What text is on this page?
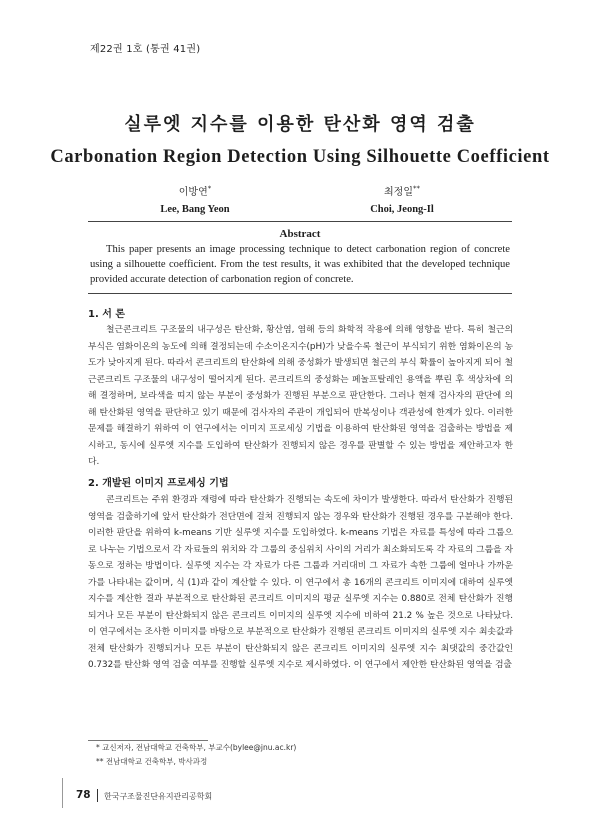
제22권 1호 (통권 41권)
실루엣 지수를 이용한 탄산화 영역 검출
Carbonation Region Detection Using Silhouette Coefficient
이방연*
Lee, Bang Yeon
최정일**
Choi, Jeong-Il
Abstract

This paper presents an image processing technique to detect carbonation region of concrete using a silhouette coefficient. From the test results, it was exhibited that the developed technique provided accurate detection of carbonation region of concrete.

1. 서 론

철근콘크리트 구조물의 내구성은 탄산화, 황산염, 염해 등의 화학적 작용에 의해 영향을 받다. 특히 철근의 부식은 염화이온의 농도에 의해 결정되는데 수소이온지수(pH)가 낮을수록 철근이 부식되기 위한 염화이온의 농도가 낮아지게 된다. 따라서 콘크리트의 탄산화에 의해 중성화가 발생되면 철근의 부식 확률이 높아지게 되어 철근콘크리트 구조물의 내구성이 떨어지게 된다. 콘크리트의 중성화는 페놀프탈레인 용액을 뿌린 후 색상차에 의해 결정하며, 보라색을 띠지 않는 부분이 중성화가 진행된 부분으로 판단한다. 그러나 현재 검사자의 판단에 의해 탄산화된 영역을 판단하고 있기 때문에 검사자의 주관이 개입되어 반복성이나 객관성에 한계가 있다. 이러한 문제를 해결하기 위하여 이 연구에서는 이미지 프로세싱 기법을 이용하여 탄산화된 영역을 검출하는 방법을 제시하고, 동시에 실루엣 지수를 도입하여 탄산화가 진행되지 않은 경우를 판별할 수 있는 방법을 제안하고자 한다.

2. 개발된 이미지 프로세싱 기법

콘크리트는 주위 환경과 재령에 따라 탄산화가 진행되는 속도에 차이가 발생한다. 따라서 탄산화가 진행된 영역을 검출하기에 앞서 탄산화가 전단면에 걸쳐 진행되지 않는 경우와 탄산화가 진행된 경우를 구분해야 한다. 이러한 판단을 위하여 k-means 기반 실루엣 지수를 도입하였다. k-means 기법은 자료를 특성에 따라 그룹으로 나누는 기법으로서 각 자료들의 위치와 각 그룹의 중심위치 사이의 거리가 최소화되도록 각 자료의 그룹을 자동으로 정하는 방법이다. 실루엣 지수는 각 자료가 다른 그룹과 거리대비 그 자료가 속한 그룹에 얼마나 가까운가를 나타내는 값이며, 식 (1)과 같이 계산할 수 있다. 이 연구에서 총 16개의 콘크리트 이미지에 대하여 실루엣 지수를 계산한 결과 부분적으로 탄산화된 콘크리트 이미지의 평균 실루엣 지수는 0.880로 전체 탄산화가 진행되거나 모든 부분이 탄산화되지 않은 콘크리트 이미지의 실루엣 지수에 비하여 21.2 % 높은 것으로 나타났다. 이 연구에서는 조사한 이미지를 바탕으로 부분적으로 탄산화가 진행된 콘크리트 이미지의 실루엣 지수 최솟값과 전체 탄산화가 진행되거나 모든 부분이 탄산화되지 않은 콘크리트 이미지의 실루엣 지수 최댓값의 중간값인 0.732를 탄산화 영역 검출 여부를 진행할 실루엣 지수로 제시하였다. 이 연구에서 제안한 탄산화된 영역을 검출

* 교신저자, 전남대학교 건축학부, 부교수(bylee@jnu.ac.kr)
** 전남대학교 건축학부, 박사과정
78 한국구조물진단유지관리공학회
